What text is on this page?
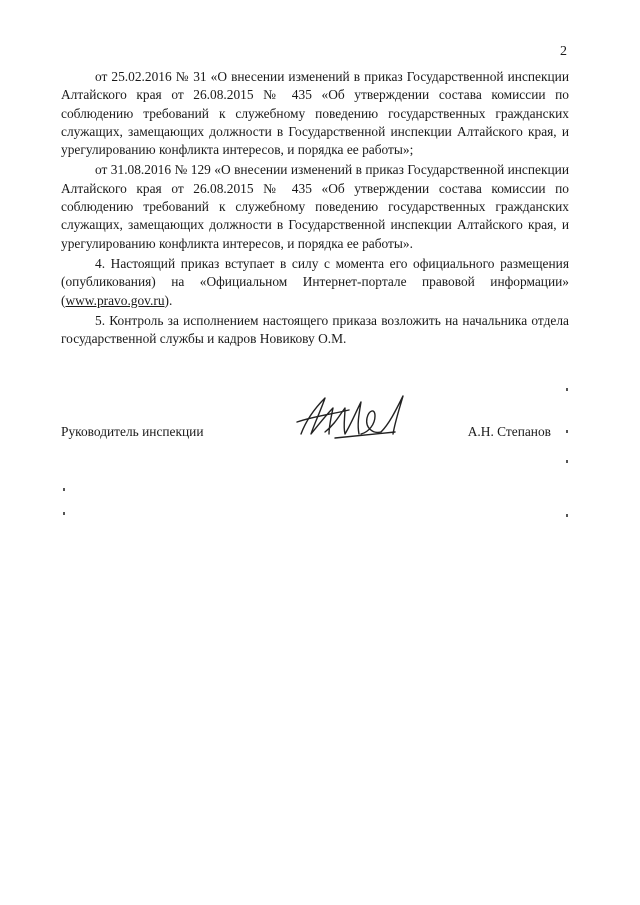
2

от 25.02.2016 № 31 «О внесении изменений в приказ Государственной инспекции Алтайского края от 26.08.2015 № 435 «Об утверждении состава комиссии по соблюдению требований к служебному поведению государственных гражданских служащих, замещающих должности в Государственной инспекции Алтайского края, и урегулированию конфликта интересов, и порядка ее работы»;

от 31.08.2016 № 129 «О внесении изменений в приказ Государственной инспекции Алтайского края от 26.08.2015 № 435 «Об утверждении состава комиссии по соблюдению требований к служебному поведению государственных гражданских служащих, замещающих должности в Государственной инспекции Алтайского края, и урегулированию конфликта интересов, и порядка ее работы».

4. Настоящий приказ вступает в силу с момента его официального размещения (опубликования) на «Официальном Интернет-портале правовой информации» (www.pravo.gov.ru).

5. Контроль за исполнением настоящего приказа возложить на начальника отдела государственной службы и кадров Новикову О.М.

Руководитель инспекции	А.Н. Степанов
